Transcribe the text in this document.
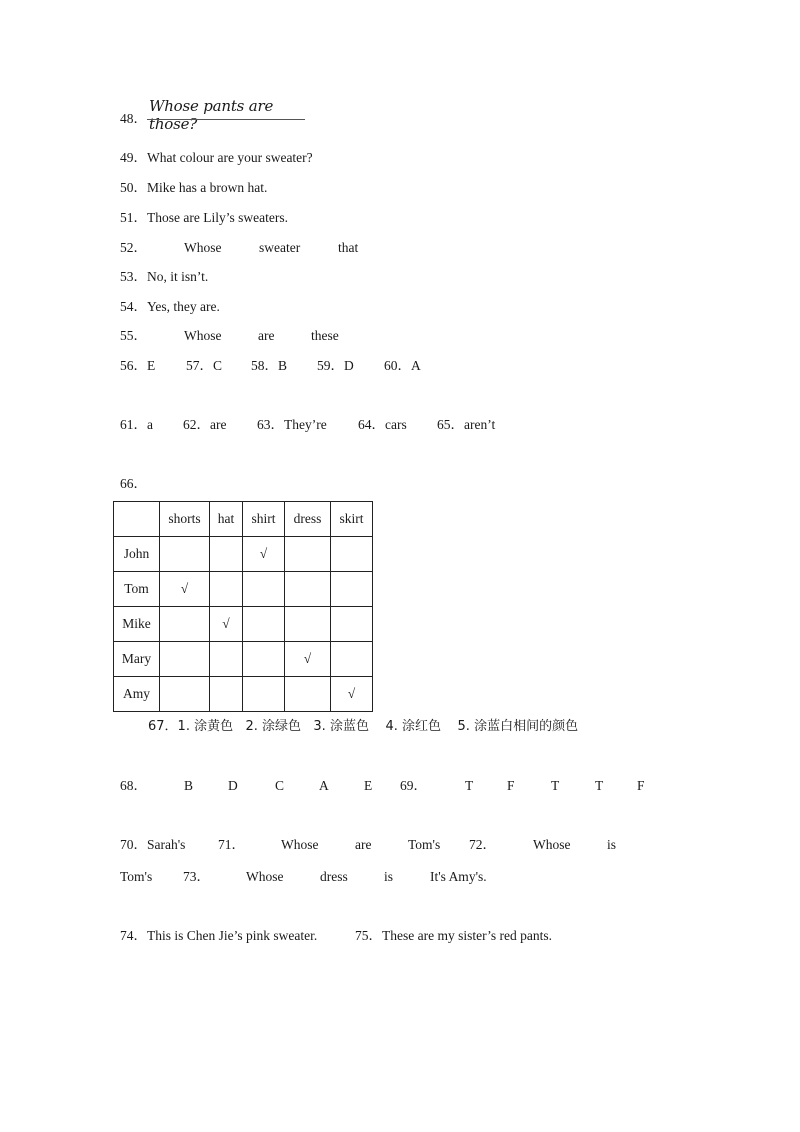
48．
Whose pants are those?
49．What colour are your sweater?
50．Mike has a brown hat.
51．Those are Lily’s sweaters.
52．	Whose	sweater	that
53．No, it isn’t.
54．Yes, they are.
55．	Whose	are	these
56．E 57．C 58．B 59．D 60．A
61．a 62．are 63．They’re 64．cars 65．aren’t
66．
	shorts	hat	shirt	dress	skirt
John			√		
Tom	√				
Mike		√			
Mary				√	
Amy					√
67．1. 涂黄色   2. 涂绿色   3. 涂蓝色    4. 涂红色    5. 涂蓝白相间的颜色
68．	B	D	C	A	E 69．	T	F	T	T	F
70．Sarah's 71．	Whose	are	Tom's 72．	Whose	is
Tom's 73．	Whose	dress	is	It's Amy's.
74．This is Chen Jie’s pink sweater.	75．These are my sister’s red pants.
